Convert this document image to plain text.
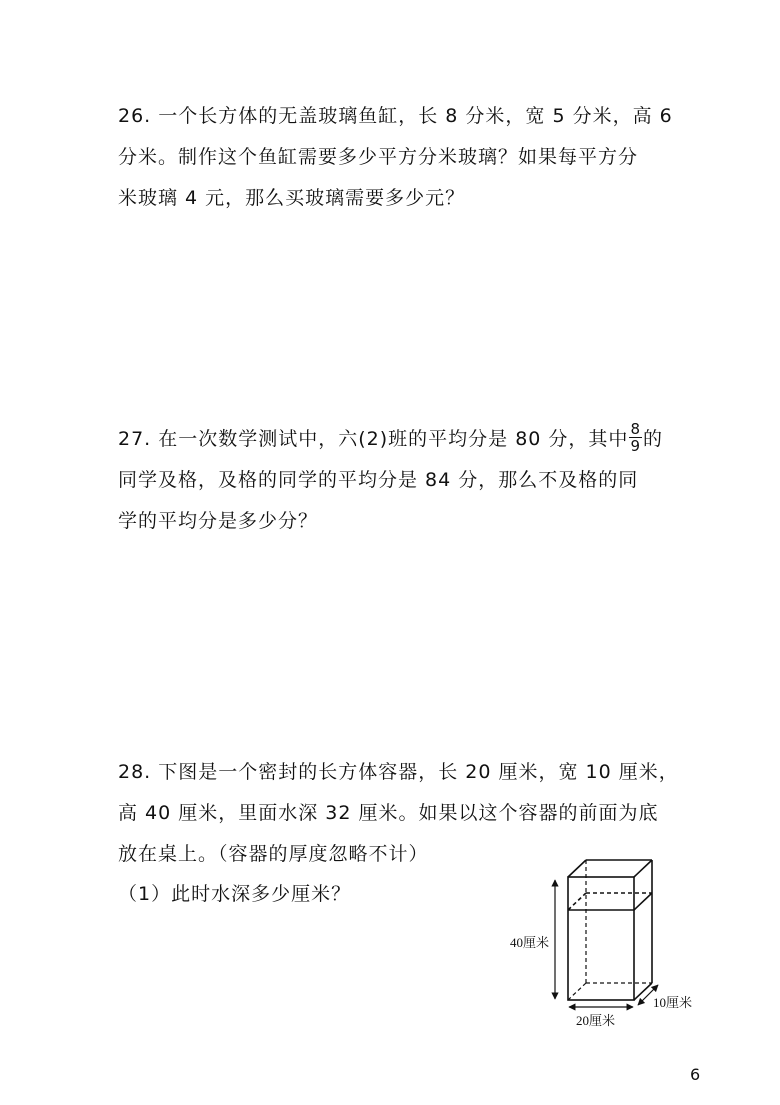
26. 一个长方体的无盖玻璃鱼缸，长 8 分米，宽 5 分米，高 6

分米。制作这个鱼缸需要多少平方分米玻璃？如果每平方分

米玻璃 4 元，那么买玻璃需要多少元？

27. 在一次数学测试中，六(2)班的平均分是 80 分，其中 $\frac{8}{9}$ 的

同学及格，及格的同学的平均分是 84 分，那么不及格的同

学的平均分是多少分？

28. 下图是一个密封的长方体容器，长 20 厘米，宽 10 厘米，

高 40 厘米，里面水深 32 厘米。如果以这个容器的前面为底

放在桌上。（容器的厚度忽略不计）

（1）此时水深多少厘米？
40厘米
20厘米
10厘米
6
